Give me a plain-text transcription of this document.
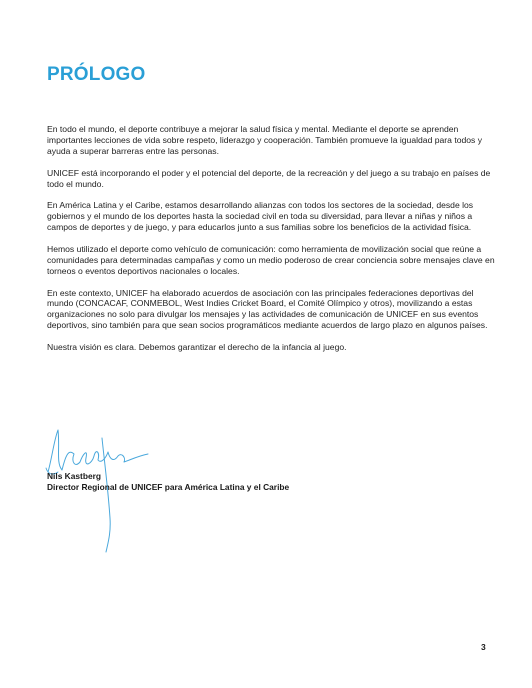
PRÓLOGO

En todo el mundo, el deporte contribuye a mejorar la salud física y mental. Mediante el deporte se aprenden importantes lecciones de vida sobre respeto, liderazgo y cooperación. También promueve la igualdad para todos y ayuda a superar barreras entre las personas.

UNICEF está incorporando el poder y el potencial del deporte, de la recreación y del juego a su trabajo en países de todo el mundo.

En América Latina y el Caribe, estamos desarrollando alianzas con todos los sectores de la sociedad, desde los gobiernos y el mundo de los deportes hasta la sociedad civil en toda su diversidad, para llevar a niñas y niños a campos de deportes y de juego, y para educarlos junto a sus familias sobre los beneficios de la actividad física.

Hemos utilizado el deporte como vehículo de comunicación: como herramienta de movilización social que reúne a comunidades para determinadas campañas y como un medio poderoso de crear conciencia sobre mensajes clave en torneos o eventos deportivos nacionales o locales.

En este contexto, UNICEF ha elaborado acuerdos de asociación con las principales federaciones deportivas del mundo (CONCACAF, CONMEBOL, West Indies Cricket Board, el Comité Olímpico y otros), movilizando a estas organizaciones no solo para divulgar los mensajes y las actividades de comunicación de UNICEF en sus eventos deportivos, sino también para que sean socios programáticos mediante acuerdos de largo plazo en algunos países.

Nuestra visión es clara. Debemos garantizar el derecho de la infancia al juego.

Nils Kastberg
Director Regional de UNICEF para América Latina y el Caribe
3
